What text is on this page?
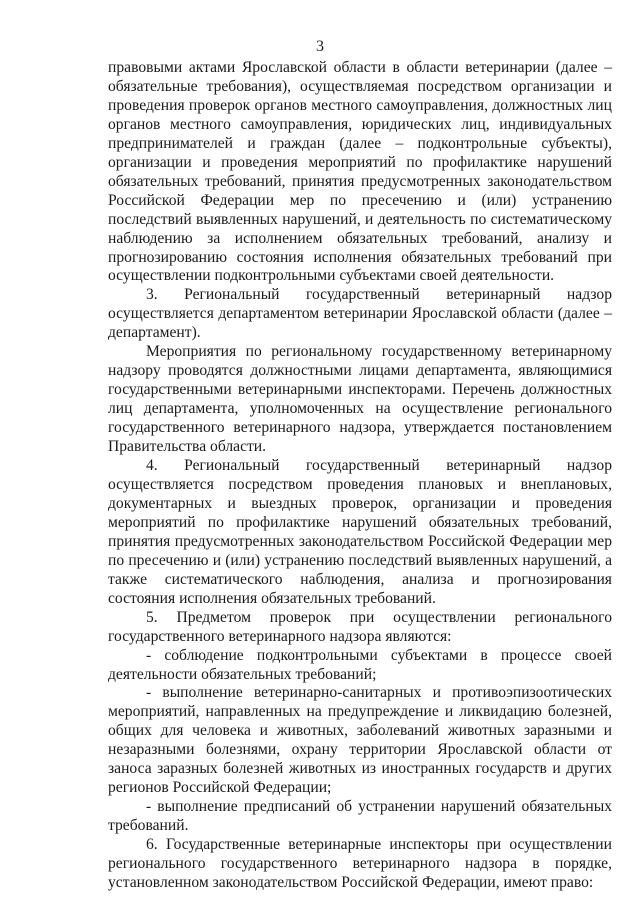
3

правовыми актами Ярославской области в области ветеринарии (далее – обязательные требования), осуществляемая посредством организации и проведения проверок органов местного самоуправления, должностных лиц органов местного самоуправления, юридических лиц, индивидуальных предпринимателей и граждан (далее – подконтрольные субъекты), организации и проведения мероприятий по профилактике нарушений обязательных требований, принятия предусмотренных законодательством Российской Федерации мер по пресечению и (или) устранению последствий выявленных нарушений, и деятельность по систематическому наблюдению за исполнением обязательных требований, анализу и прогнозированию состояния исполнения обязательных требований при осуществлении подконтрольными субъектами своей деятельности.

3. Региональный государственный ветеринарный надзор осуществляется департаментом ветеринарии Ярославской области (далее – департамент).

Мероприятия по региональному государственному ветеринарному надзору проводятся должностными лицами департамента, являющимися государственными ветеринарными инспекторами. Перечень должностных лиц департамента, уполномоченных на осуществление регионального государственного ветеринарного надзора, утверждается постановлением Правительства области.

4. Региональный государственный ветеринарный надзор осуществляется посредством проведения плановых и внеплановых, документарных и выездных проверок, организации и проведения мероприятий по профилактике нарушений обязательных требований, принятия предусмотренных законодательством Российской Федерации мер по пресечению и (или) устранению последствий выявленных нарушений, а также систематического наблюдения, анализа и прогнозирования состояния исполнения обязательных требований.

5. Предметом проверок при осуществлении регионального государственного ветеринарного надзора являются:

- соблюдение подконтрольными субъектами в процессе своей деятельности обязательных требований;

- выполнение ветеринарно-санитарных и противоэпизоотических мероприятий, направленных на предупреждение и ликвидацию болезней, общих для человека и животных, заболеваний животных заразными и незаразными болезнями, охрану территории Ярославской области от заноса заразных болезней животных из иностранных государств и других регионов Российской Федерации;

- выполнение предписаний об устранении нарушений обязательных требований.

6. Государственные ветеринарные инспекторы при осуществлении регионального государственного ветеринарного надзора в порядке, установленном законодательством Российской Федерации, имеют право:
